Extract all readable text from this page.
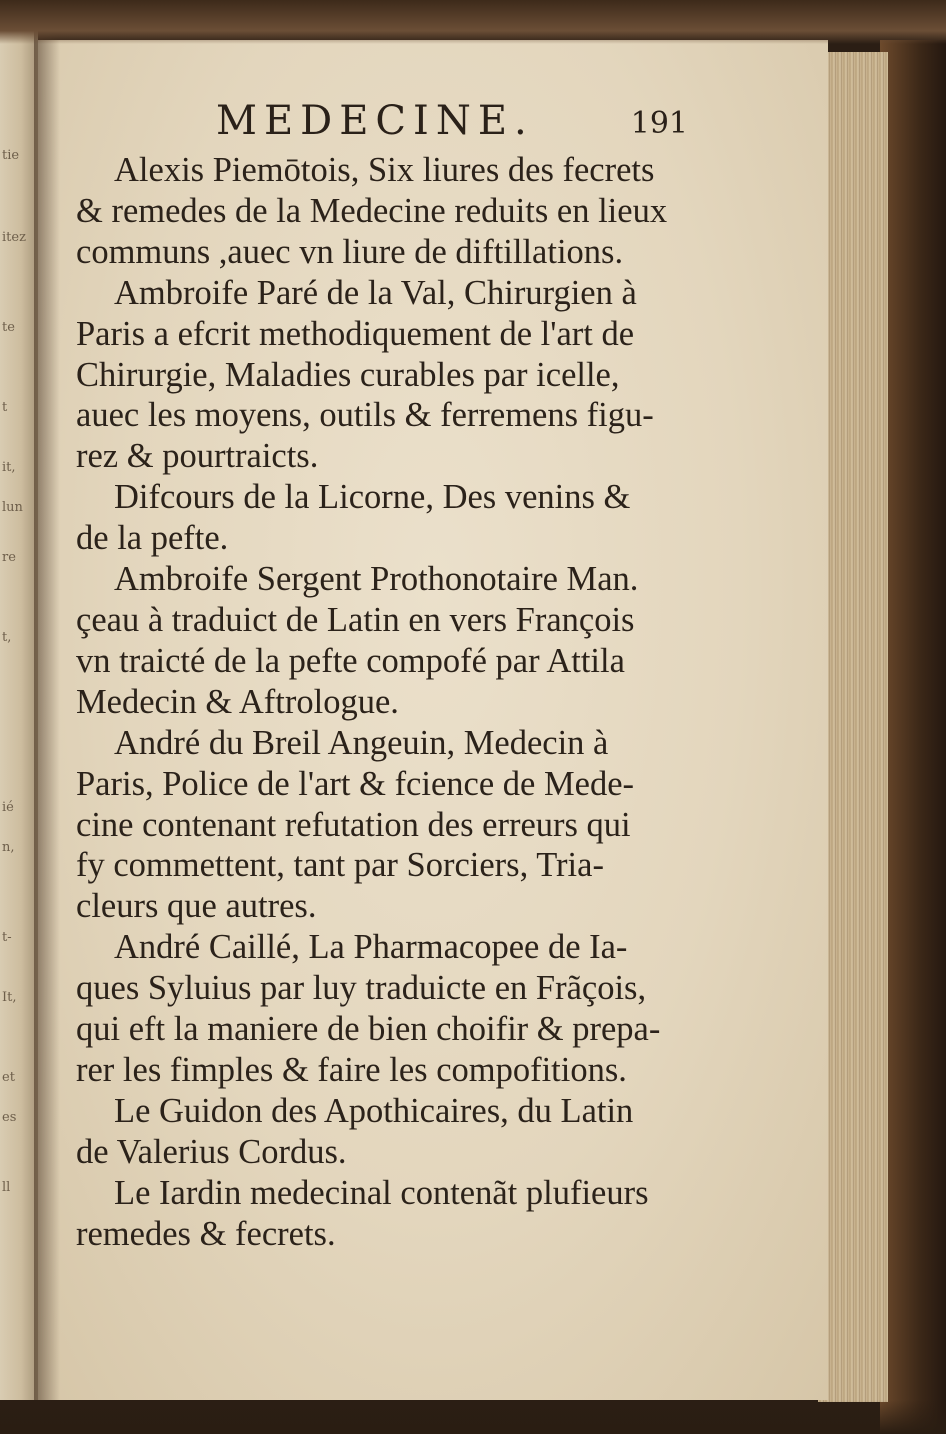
tie
itez
te
t
it,
lun
re
t,
ié
n,
t-
It,
et
es
ll
MEDECINE.	191

Alexis Piemōtois, Six liures des fecrets
& remedes de la Medecine reduits en lieux
communs ,auec vn liure de diftillations.

Ambroife Paré de la Val, Chirurgien à
Paris a efcrit methodiquement de l'art de
Chirurgie, Maladies curables par icelle,
auec les moyens, outils & ferremens figu-
rez & pourtraicts.

Difcours de la Licorne, Des venins &
de la pefte.

Ambroife Sergent Prothonotaire Man.
çeau à traduict de Latin en vers François
vn traicté de la pefte compofé par Attila
Medecin & Aftrologue.

André du Breil Angeuin, Medecin à
Paris, Police de l'art & fcience de Mede-
cine contenant refutation des erreurs qui
fy commettent, tant par Sorciers, Tria-
cleurs que autres.

André Caillé, La Pharmacopee de Ia-
ques Syluius par luy traduicte en Frãçois,
qui eft la maniere de bien choifir & prepa-
rer les fimples & faire les compofitions.

Le Guidon des Apothicaires, du Latin
de Valerius Cordus.

Le Iardin medecinal contenãt plufieurs
remedes & fecrets.
